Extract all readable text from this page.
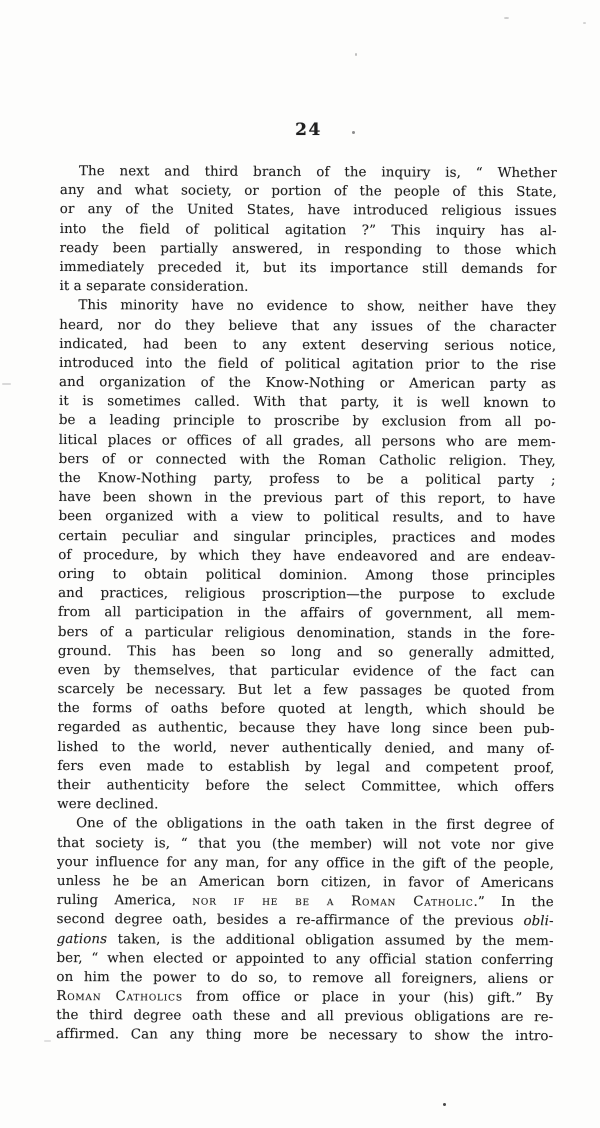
24
The next and third branch of the inquiry is, “ Whether
any and what society, or portion of the people of this State,
or any of the United States, have introduced religious issues
into the field of political agitation ?” This inquiry has al-
ready been partially answered, in responding to those which
immediately preceded it, but its importance still demands for
it a separate consideration.
This minority have no evidence to show, neither have they
heard, nor do they believe that any issues of the character
indicated, had been to any extent deserving serious notice,
introduced into the field of political agitation prior to the rise
and organization of the Know-Nothing or American party as
it is sometimes called. With that party, it is well known to
be a leading principle to proscribe by exclusion from all po-
litical places or offices of all grades, all persons who are mem-
bers of or connected with the Roman Catholic religion. They,
the Know-Nothing party, profess to be a political party ;
have been shown in the previous part of this report, to have
been organized with a view to political results, and to have
certain peculiar and singular principles, practices and modes
of procedure, by which they have endeavored and are endeav-
oring to obtain political dominion. Among those principles
and practices, religious proscription—the purpose to exclude
from all participation in the affairs of government, all mem-
bers of a particular religious denomination, stands in the fore-
ground. This has been so long and so generally admitted,
even by themselves, that particular evidence of the fact can
scarcely be necessary. But let a few passages be quoted from
the forms of oaths before quoted at length, which should be
regarded as authentic, because they have long since been pub-
lished to the world, never authentically denied, and many of-
fers even made to establish by legal and competent proof,
their authenticity before the select Committee, which offers
were declined.
One of the obligations in the oath taken in the first degree of
that society is, “ that you (the member) will not vote nor give
your influence for any man, for any office in the gift of the people,
unless he be an American born citizen, in favor of Americans
ruling America, nor if he be a Roman Catholic.” In the
second degree oath, besides a re-affirmance of the previous obli-
gations taken, is the additional obligation assumed by the mem-
ber, “ when elected or appointed to any official station conferring
on him the power to do so, to remove all foreigners, aliens or
Roman Catholics from office or place in your (his) gift.” By
the third degree oath these and all previous obligations are re-
affirmed. Can any thing more be necessary to show the intro-
